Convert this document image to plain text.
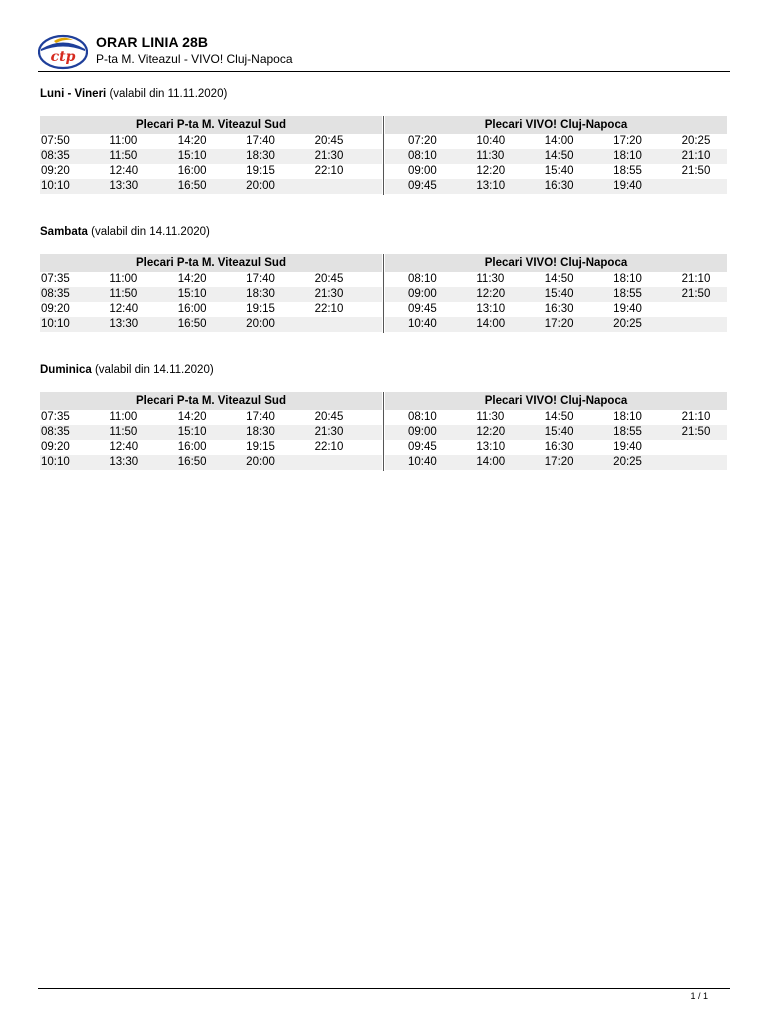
ctp
ORAR LINIA 28B
P-ta M. Viteazul - VIVO! Cluj-Napoca
Luni - Vineri (valabil din 11.11.2020)
Plecari P-ta M. Viteazul Sud				
07:50	11:00	14:20	17:40	20:45
08:35	11:50	15:10	18:30	21:30
09:20	12:40	16:00	19:15	22:10
10:10	13:30	16:50	20:00	
Plecari VIVO! Cluj-Napoca				
07:20	10:40	14:00	17:20	20:25
08:10	11:30	14:50	18:10	21:10
09:00	12:20	15:40	18:55	21:50
09:45	13:10	16:30	19:40	
Sambata (valabil din 14.11.2020)
Plecari P-ta M. Viteazul Sud				
07:35	11:00	14:20	17:40	20:45
08:35	11:50	15:10	18:30	21:30
09:20	12:40	16:00	19:15	22:10
10:10	13:30	16:50	20:00	
Plecari VIVO! Cluj-Napoca				
08:10	11:30	14:50	18:10	21:10
09:00	12:20	15:40	18:55	21:50
09:45	13:10	16:30	19:40	
10:40	14:00	17:20	20:25	
Duminica (valabil din 14.11.2020)
Plecari P-ta M. Viteazul Sud				
07:35	11:00	14:20	17:40	20:45
08:35	11:50	15:10	18:30	21:30
09:20	12:40	16:00	19:15	22:10
10:10	13:30	16:50	20:00	
Plecari VIVO! Cluj-Napoca				
08:10	11:30	14:50	18:10	21:10
09:00	12:20	15:40	18:55	21:50
09:45	13:10	16:30	19:40	
10:40	14:00	17:20	20:25	
1 / 1
